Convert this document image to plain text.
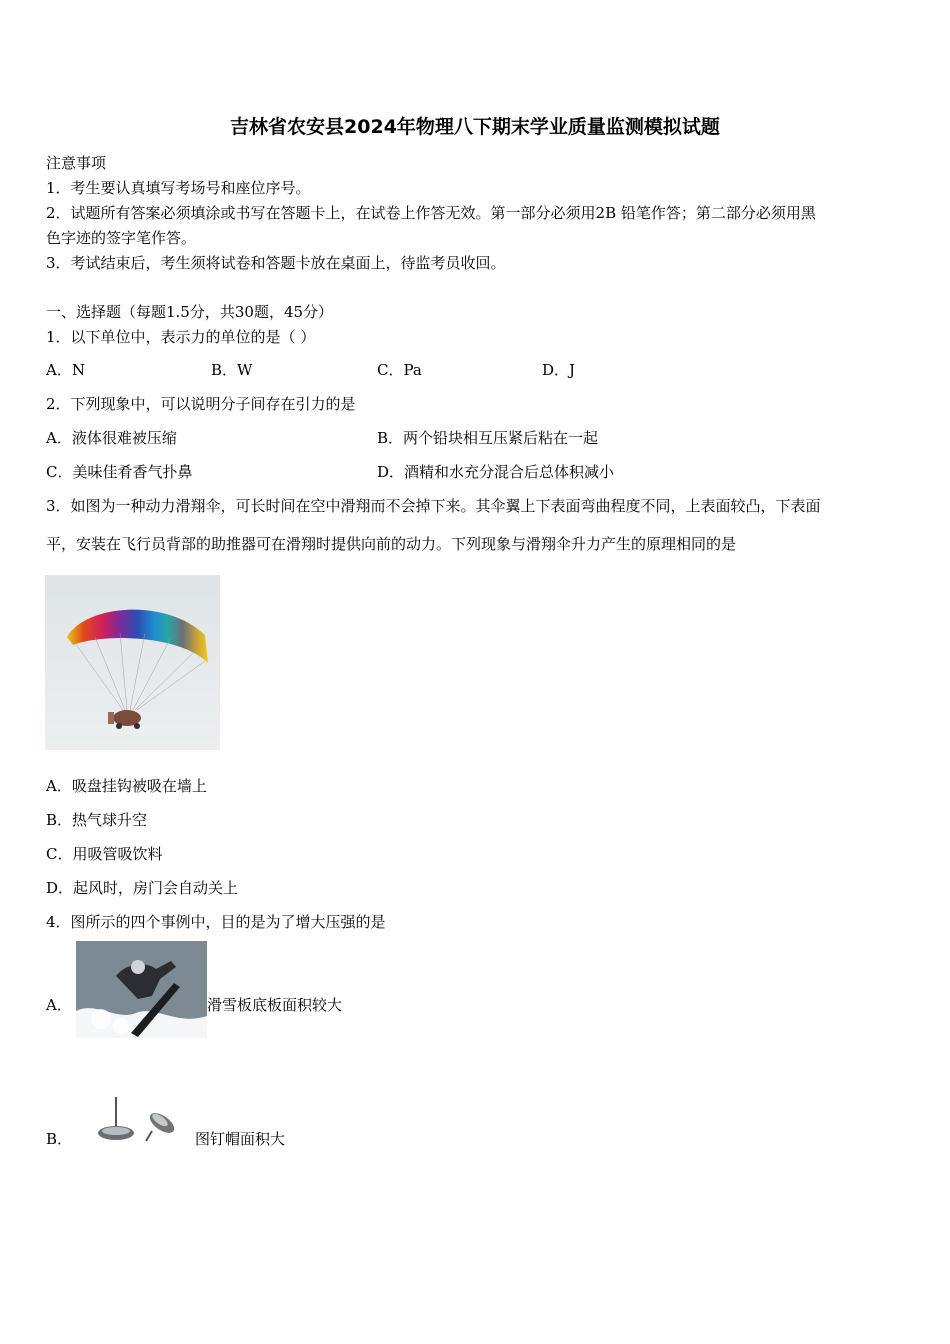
吉林省农安县2024年物理八下期末学业质量监测模拟试题
注意事项
1．考生要认真填写考场号和座位序号。
2．试题所有答案必须填涂或书写在答题卡上，在试卷上作答无效。第一部分必须用2B 铅笔作答；第二部分必须用黑
色字迹的签字笔作答。
3．考试结束后，考生须将试卷和答题卡放在桌面上，待监考员收回。
一、选择题（每题1.5分，共30题，45分）
1．以下单位中，表示力的单位的是（ ）
A．N	B．W	C．Pa	D．J
2．下列现象中，可以说明分子间存在引力的是
A．液体很难被压缩	B．两个铅块相互压紧后粘在一起
C．美味佳肴香气扑鼻	D．酒精和水充分混合后总体积减小
3．如图为一种动力滑翔伞，可长时间在空中滑翔而不会掉下来。其伞翼上下表面弯曲程度不同，上表面较凸，下表面
平，安装在飞行员背部的助推器可在滑翔时提供向前的动力。下列现象与滑翔伞升力产生的原理相同的是
A．吸盘挂钩被吸在墙上
B．热气球升空
C．用吸管吸饮料
D．起风时，房门会自动关上
4．图所示的四个事例中，目的是为了增大压强的是
A．	滑雪板底板面积较大
B．	图钉帽面积大
